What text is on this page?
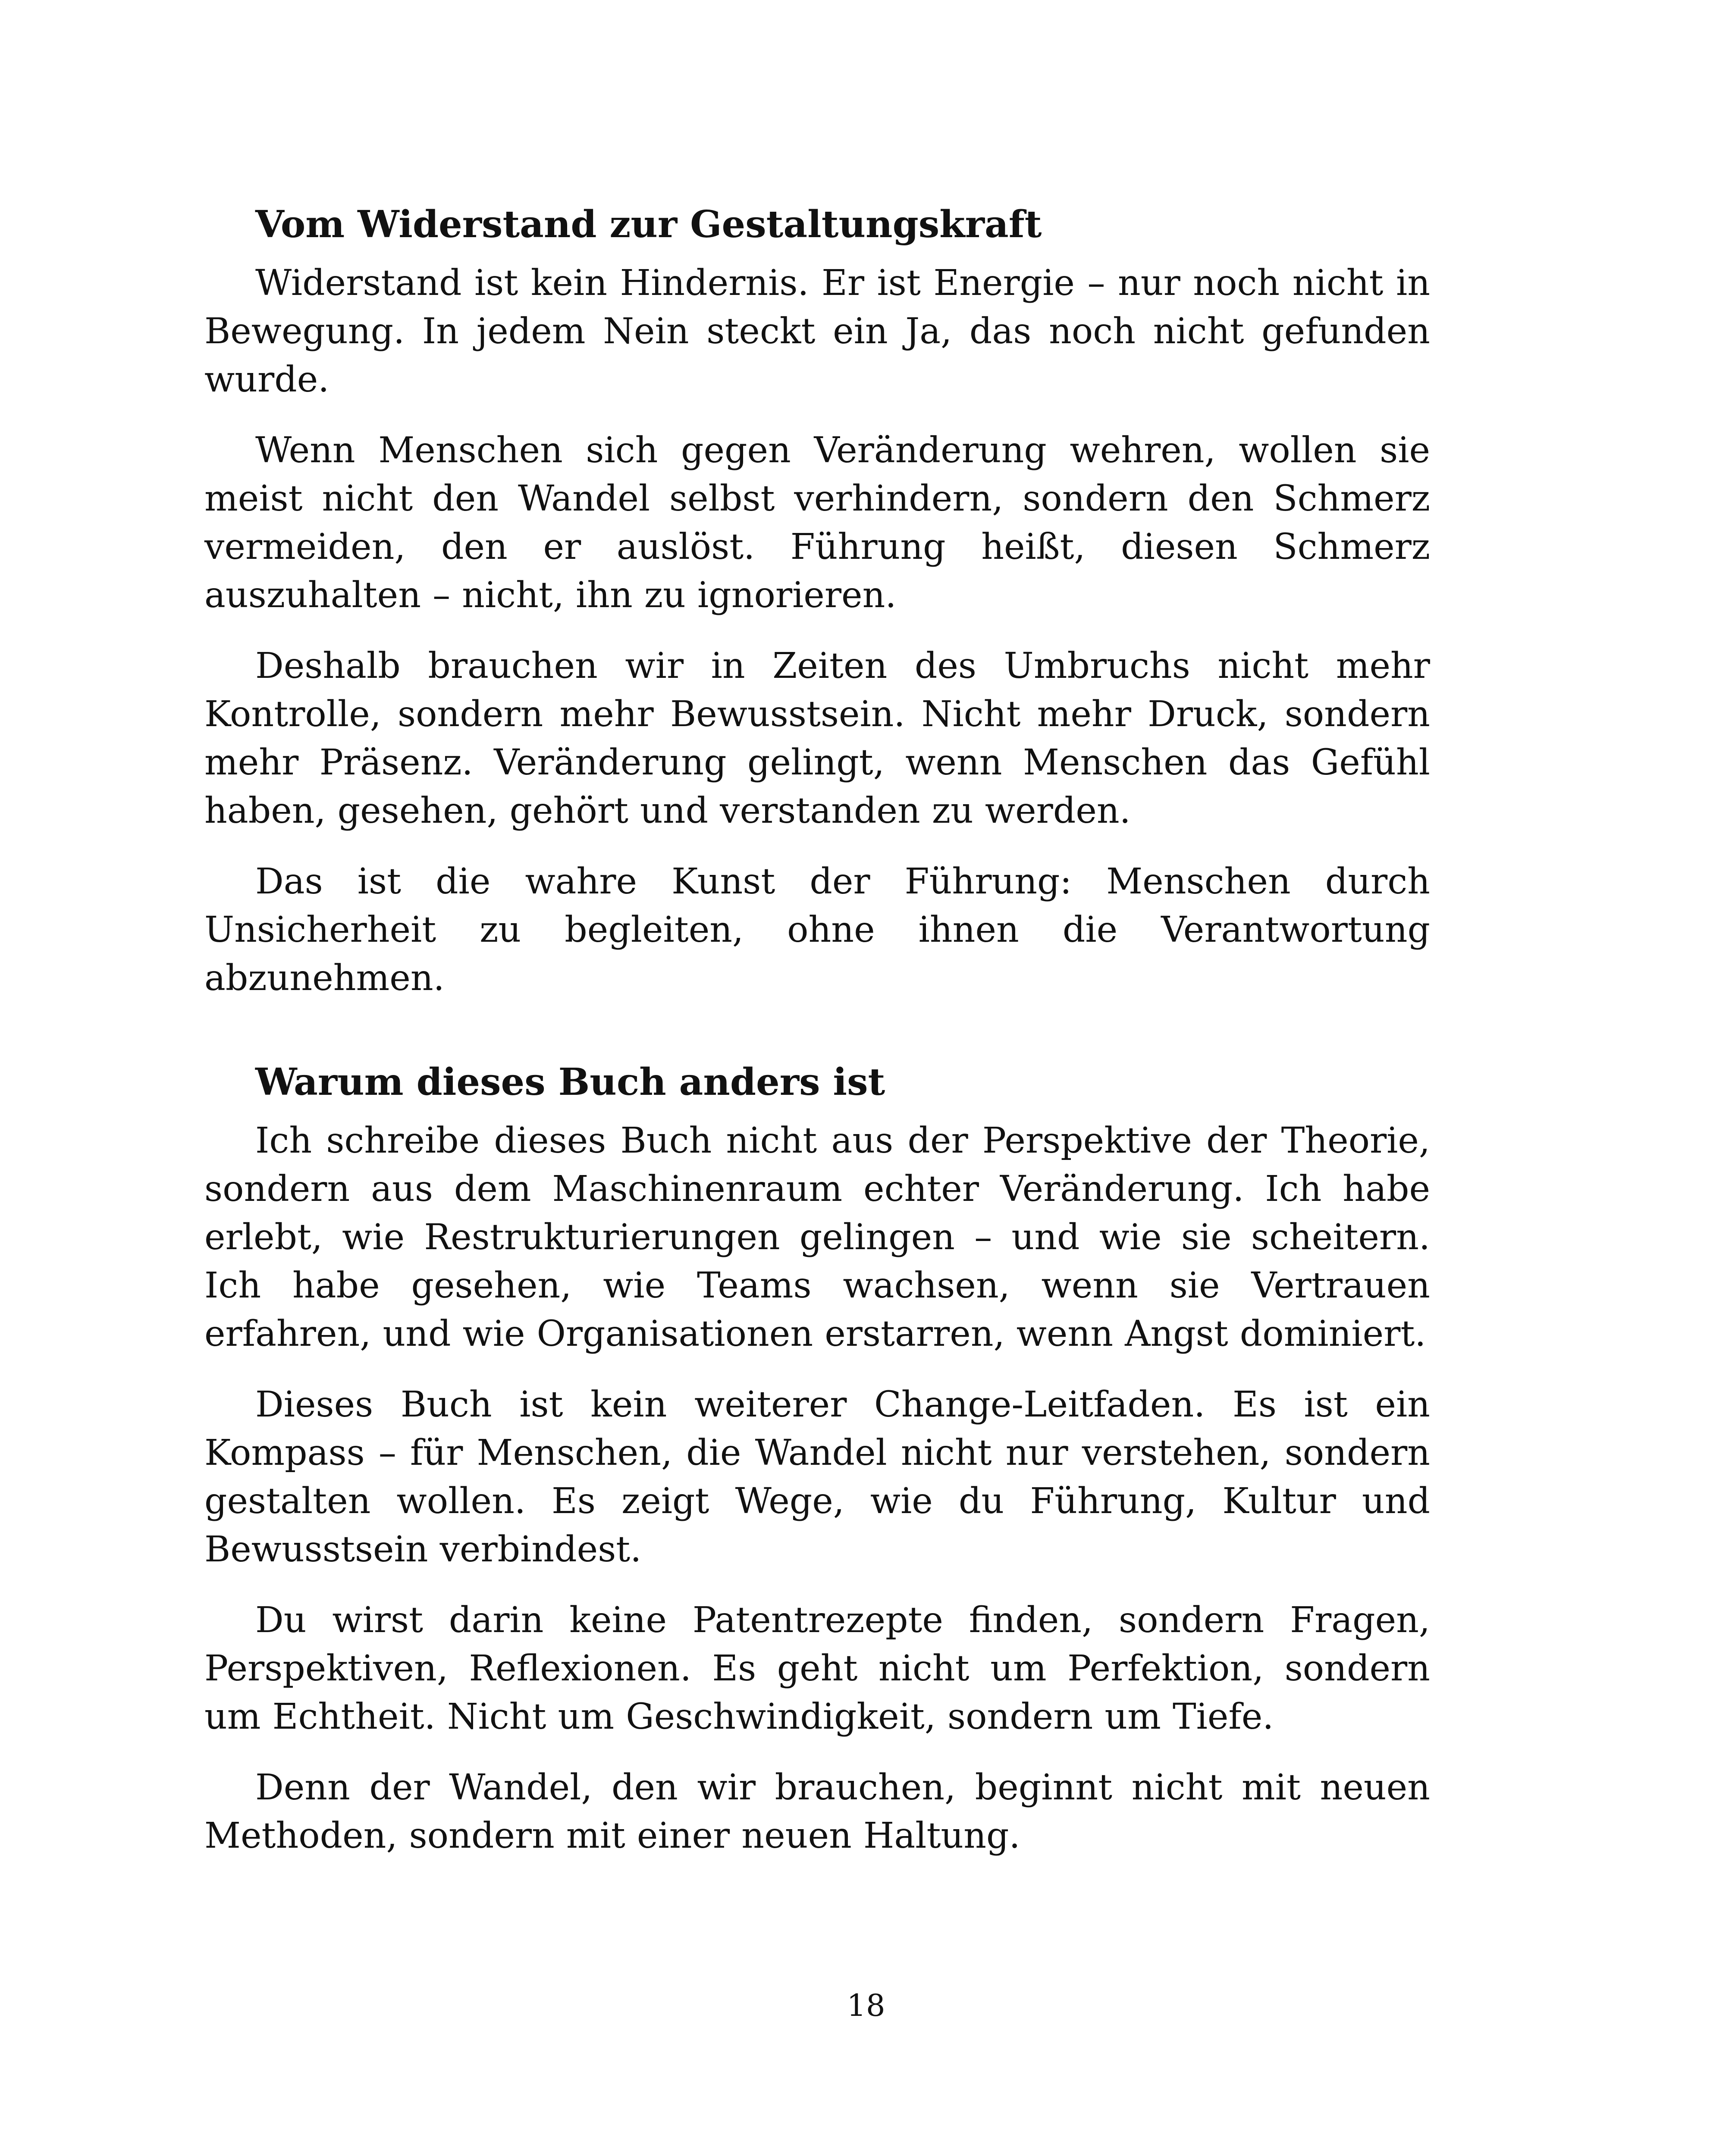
Vom Widerstand zur Gestaltungskraft

Widerstand ist kein Hindernis. Er ist Energie – nur noch nicht in Bewegung. In jedem Nein steckt ein Ja, das noch nicht gefunden wurde.

Wenn Menschen sich gegen Veränderung wehren, wollen sie meist nicht den Wandel selbst verhindern, sondern den Schmerz vermeiden, den er auslöst. Führung heißt, diesen Schmerz auszuhalten – nicht, ihn zu ignorieren.

Deshalb brauchen wir in Zeiten des Umbruchs nicht mehr Kontrolle, sondern mehr Bewusstsein. Nicht mehr Druck, sondern mehr Präsenz. Veränderung gelingt, wenn Menschen das Gefühl haben, gesehen, gehört und verstanden zu werden.

Das ist die wahre Kunst der Führung: Menschen durch Unsicherheit zu begleiten, ohne ihnen die Verantwortung abzunehmen.

Warum dieses Buch anders ist

Ich schreibe dieses Buch nicht aus der Perspektive der Theorie, sondern aus dem Maschinenraum echter Veränderung. Ich habe erlebt, wie Restrukturierungen gelingen – und wie sie scheitern. Ich habe gesehen, wie Teams wachsen, wenn sie Vertrauen erfahren, und wie Organisationen erstarren, wenn Angst dominiert.

Dieses Buch ist kein weiterer Change-Leitfaden. Es ist ein Kompass – für Menschen, die Wandel nicht nur verstehen, sondern gestalten wollen. Es zeigt Wege, wie du Führung, Kultur und Bewusstsein verbindest.

Du wirst darin keine Patentrezepte finden, sondern Fragen, Perspektiven, Reflexionen. Es geht nicht um Perfektion, sondern um Echtheit. Nicht um Geschwindigkeit, sondern um Tiefe.

Denn der Wandel, den wir brauchen, beginnt nicht mit neuen Methoden, sondern mit einer neuen Haltung.

18
